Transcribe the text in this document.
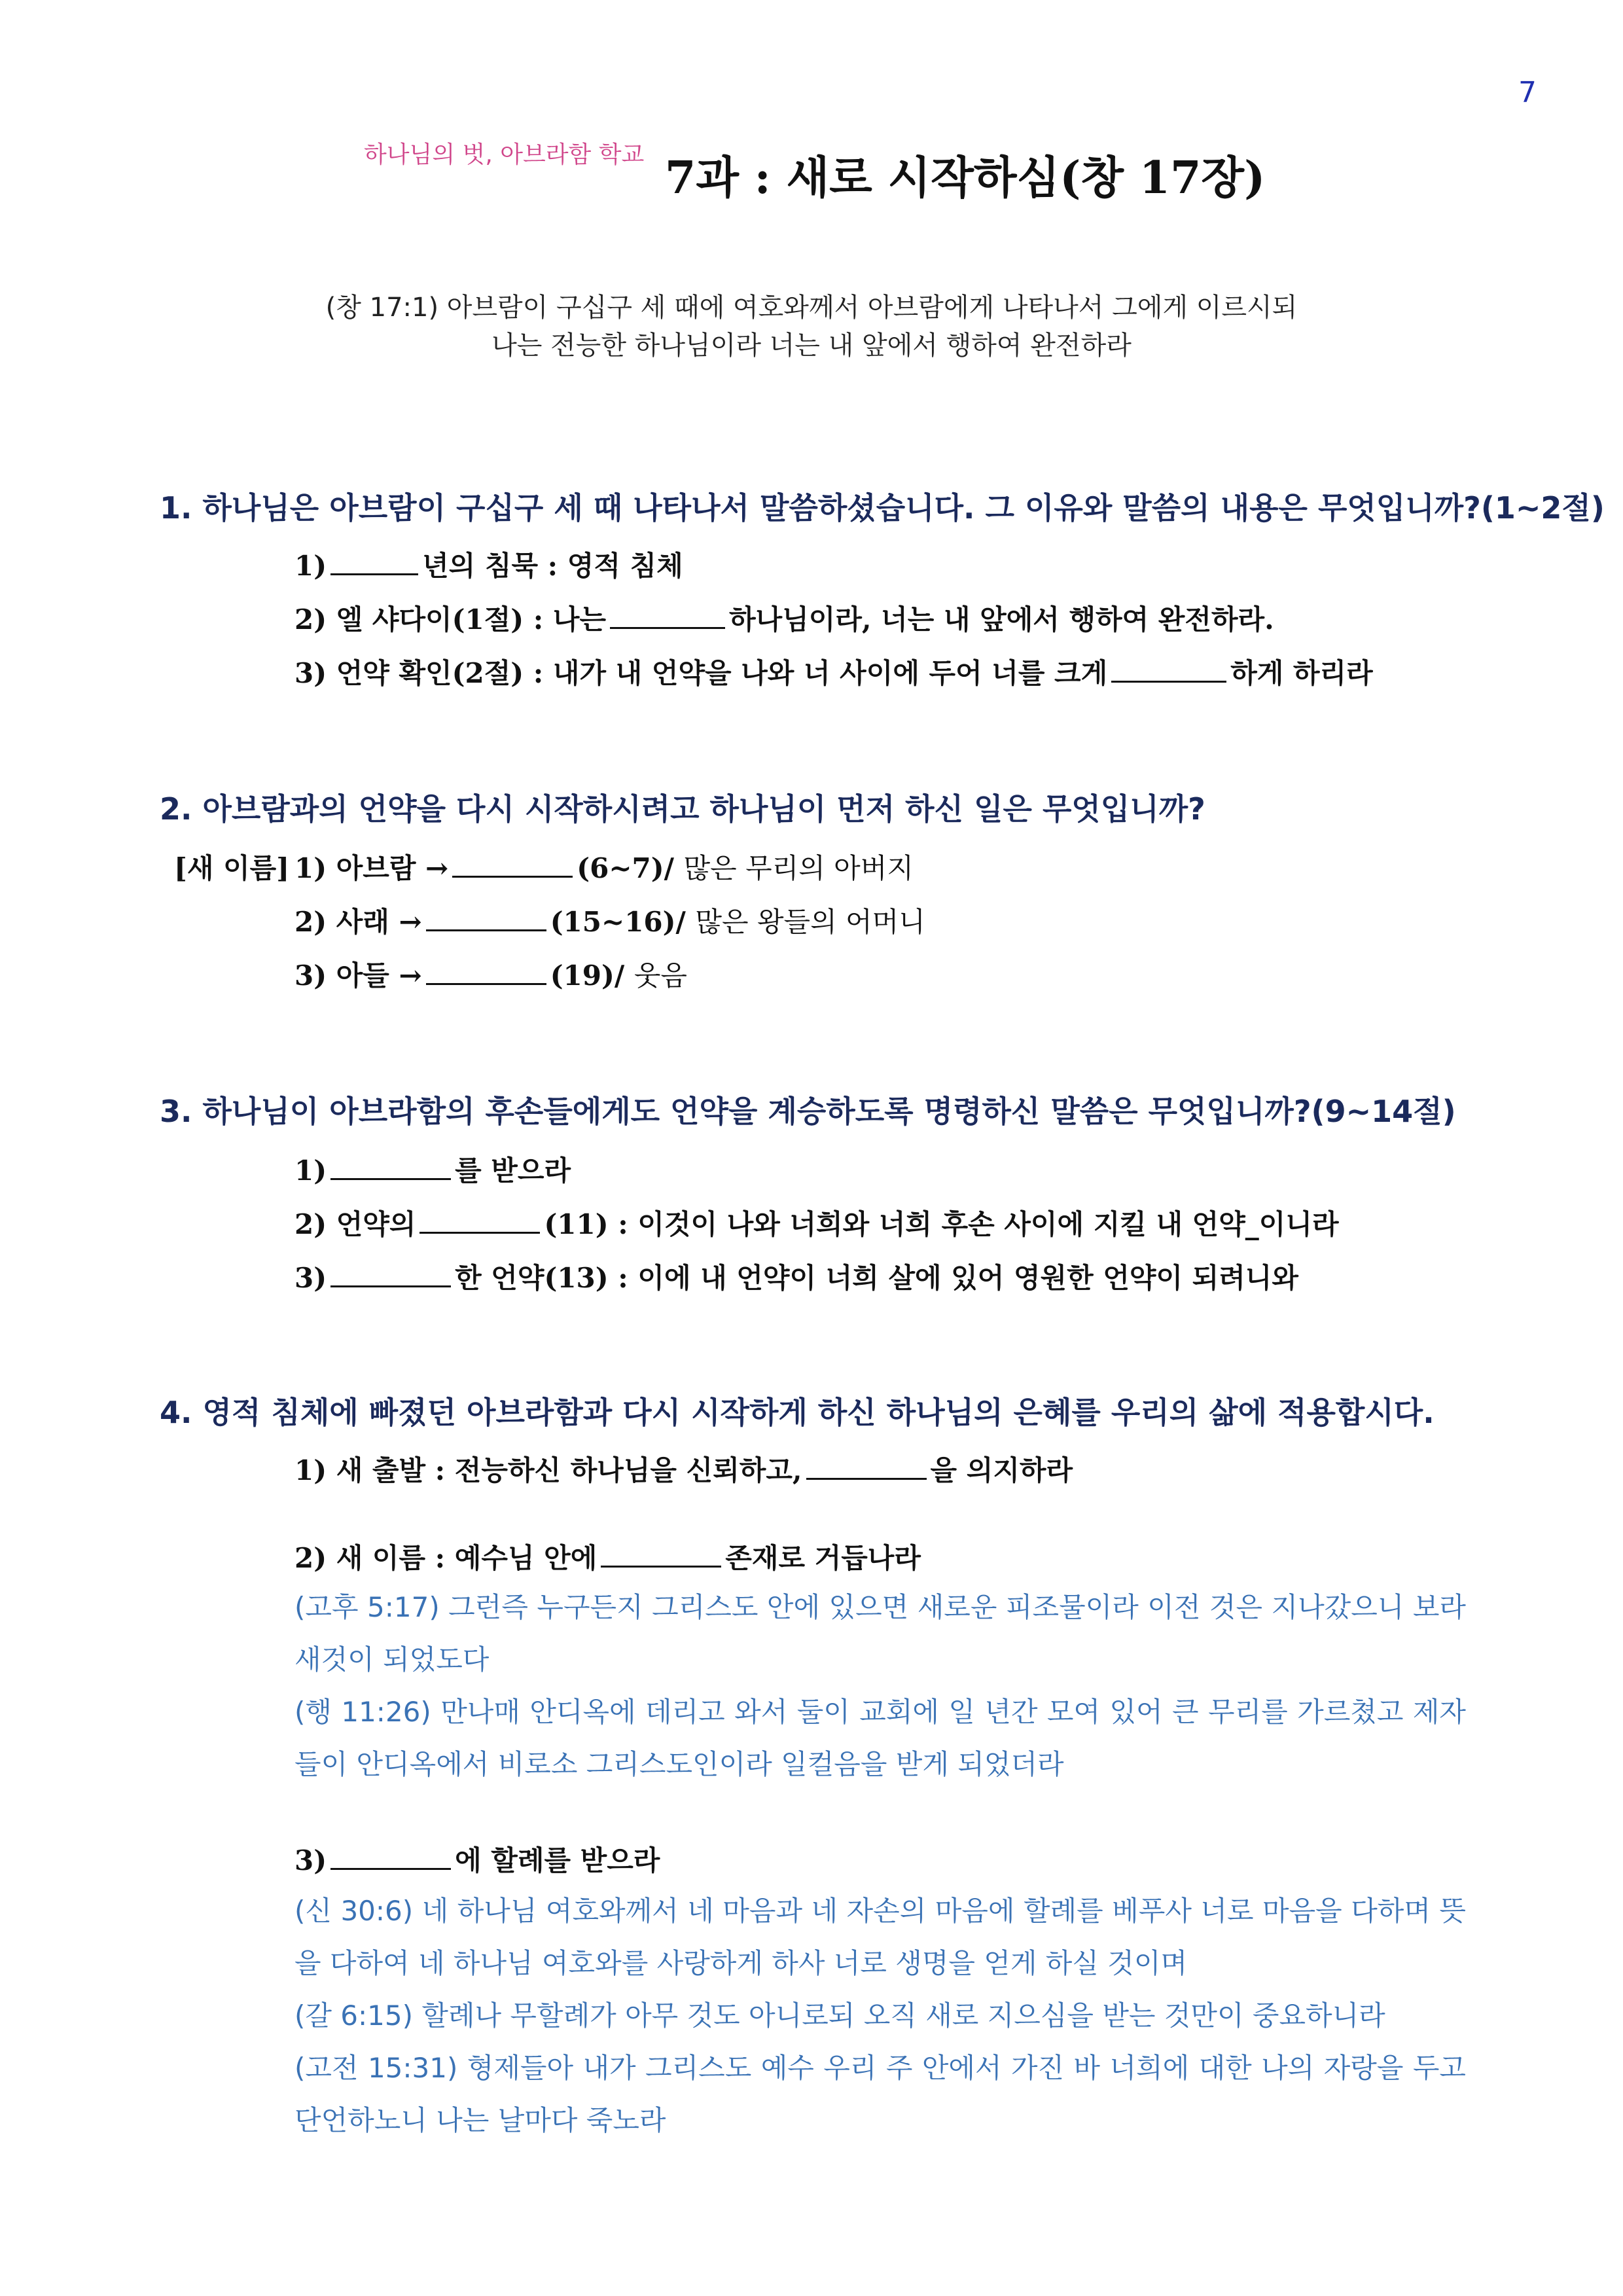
7
하나님의 벗, 아브라함 학교 7과 : 새로 시작하심(창 17장)
(창 17:1) 아브람이 구십구 세 때에 여호와께서 아브람에게 나타나서 그에게 이르시되
나는 전능한 하나님이라 너는 내 앞에서 행하여 완전하라
1. 하나님은 아브람이 구십구 세 때 나타나서 말씀하셨습니다. 그 이유와 말씀의 내용은 무엇입니까?(1~2절)
1)	년의 침묵 : 영적 침체
2) 엘 샤다이(1절) : 나는	하나님이라, 너는 내 앞에서 행하여 완전하라.
3) 언약 확인(2절) : 내가 내 언약을 나와 너 사이에 두어 너를 크게	하게 하리라
2. 아브람과의 언약을 다시 시작하시려고 하나님이 먼저 하신 일은 무엇입니까?
[새 이름] 1) 아브람 →	(6~7)/ 많은 무리의 아버지
2) 사래 →	(15~16)/ 많은 왕들의 어머니
3) 아들 →	(19)/ 웃음
3. 하나님이 아브라함의 후손들에게도 언약을 계승하도록 명령하신 말씀은 무엇입니까?(9~14절)
1)	를 받으라
2) 언약의	(11) : 이것이 나와 너희와 너희 후손 사이에 지킬 내 언약_이니라
3)	한 언약(13) : 이에 내 언약이 너희 살에 있어 영원한 언약이 되려니와
4. 영적 침체에 빠졌던 아브라함과 다시 시작하게 하신 하나님의 은혜를 우리의 삶에 적용합시다.
1) 새 출발 : 전능하신 하나님을 신뢰하고,	을 의지하라
2) 새 이름 : 예수님 안에	존재로 거듭나라
(고후 5:17) 그런즉 누구든지 그리스도 안에 있으면 새로운 피조물이라 이전 것은 지나갔으니 보라 새것이 되었도다
(행 11:26) 만나매 안디옥에 데리고 와서 둘이 교회에 일 년간 모여 있어 큰 무리를 가르쳤고 제자들이 안디옥에서 비로소 그리스도인이라 일컬음을 받게 되었더라
3)	에 할례를 받으라
(신 30:6) 네 하나님 여호와께서 네 마음과 네 자손의 마음에 할례를 베푸사 너로 마음을 다하며 뜻을 다하여 네 하나님 여호와를 사랑하게 하사 너로 생명을 얻게 하실 것이며
(갈 6:15) 할례나 무할례가 아무 것도 아니로되 오직 새로 지으심을 받는 것만이 중요하니라
(고전 15:31) 형제들아 내가 그리스도 예수 우리 주 안에서 가진 바 너희에 대한 나의 자랑을 두고 단언하노니 나는 날마다 죽노라
